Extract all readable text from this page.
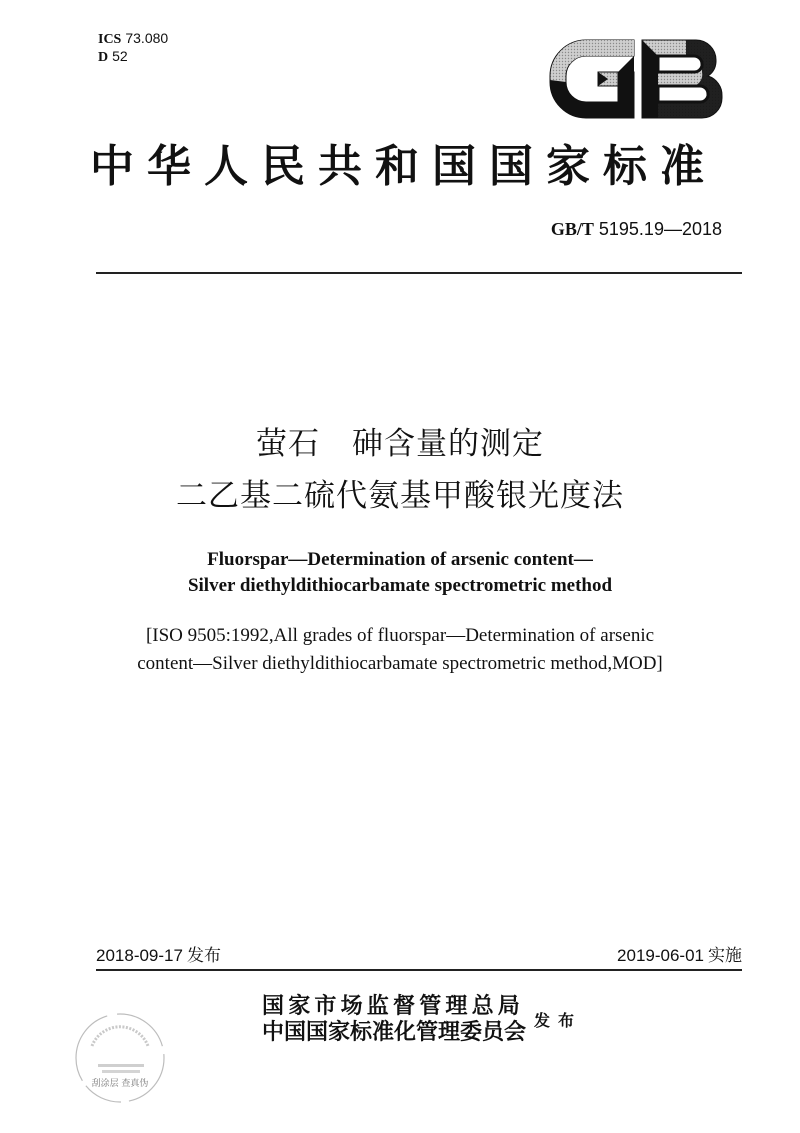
ICS 73.080
D 52
中华人民共和国国家标准
GB/T 5195.19—2018
萤石　砷含量的测定
二乙基二硫代氨基甲酸银光度法
Fluorspar—Determination of arsenic content—
Silver diethyldithiocarbamate spectrometric method
[ISO 9505:1992,All grades of fluorspar—Determination of arsenic
content—Silver diethyldithiocarbamate spectrometric method,MOD]
2018-09-17 发布	2019-06-01 实施
刮涂层 查真伪
国家市场监督管理总局
中国国家标准化管理委员会 发布
